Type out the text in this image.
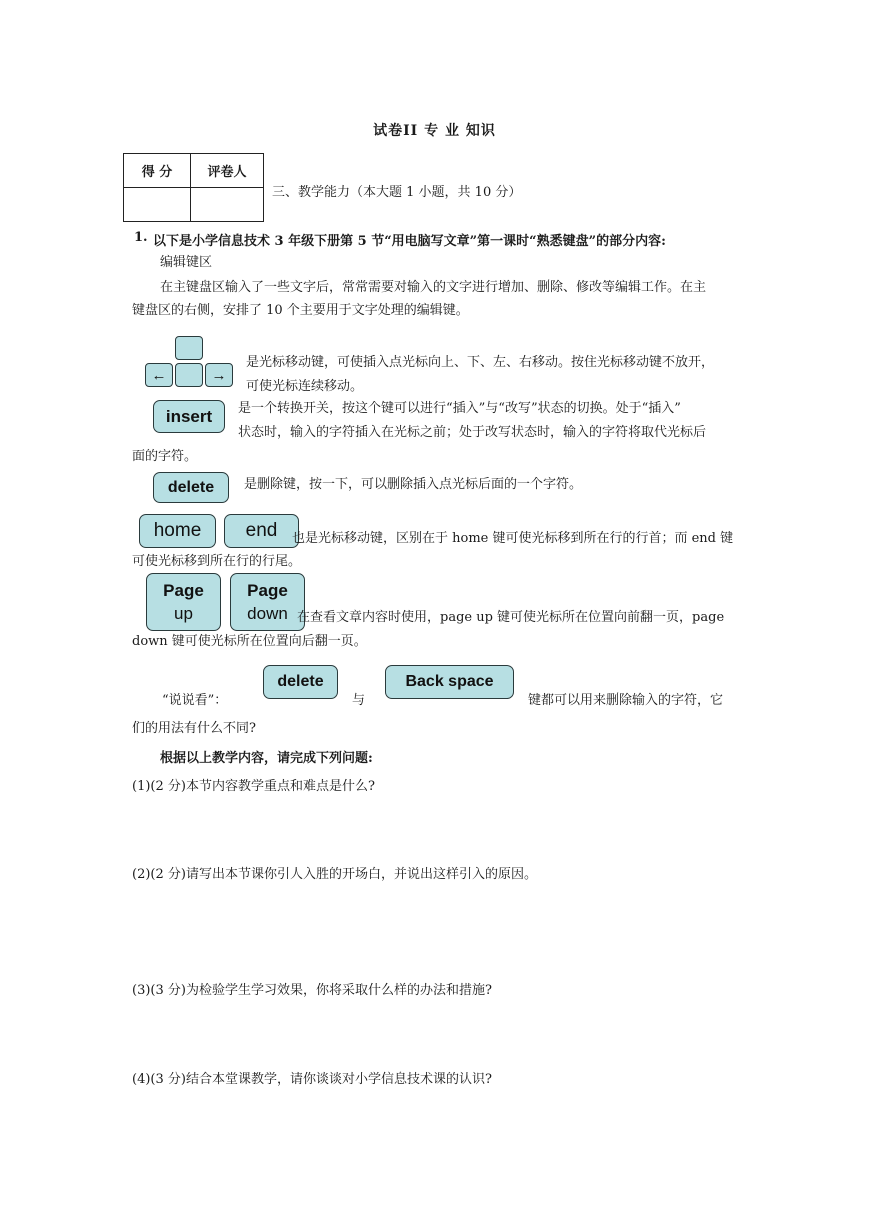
试卷II 专 业 知识
得 分	评卷人

三、教学能力（本大题 1 小题，共 10 分）
1. 以下是小学信息技术 3 年级下册第 5 节“用电脑写文章”第一课时“熟悉键盘”的部分内容:
编辑键区
在主键盘区输入了一些文字后，常常需要对输入的文字进行增加、删除、修改等编辑工作。在主
键盘区的右侧，安排了 10 个主要用于文字处理的编辑键。
←	→
是光标移动键，可使插入点光标向上、下、左、右移动。按住光标移动键不放开，
可使光标连续移动。
insert	是一个转换开关，按这个键可以进行“插入”与“改写”状态的切换。处于“插入”
状态时，输入的字符插入在光标之前；处于改写状态时，输入的字符将取代光标后
面的字符。
delete	是删除键，按一下，可以删除插入点光标后面的一个字符。
home	end	也是光标移动键，区别在于 home 键可使光标移到所在行的行首；而 end 键
可使光标移到所在行的行尾。
Page
up
Page
down 在查看文章内容时使用，page up 键可使光标所在位置向前翻一页，page
down 键可使光标所在位置向后翻一页。
“说说看”：
delete
与
Back space
键都可以用来删除输入的字符，它
们的用法有什么不同?
根据以上教学内容，请完成下列问题:
(1)(2 分)本节内容教学重点和难点是什么?
(2)(2 分)请写出本节课你引人入胜的开场白，并说出这样引入的原因。
(3)(3 分)为检验学生学习效果，你将采取什么样的办法和措施?
(4)(3 分)结合本堂课教学，请你谈谈对小学信息技术课的认识?
